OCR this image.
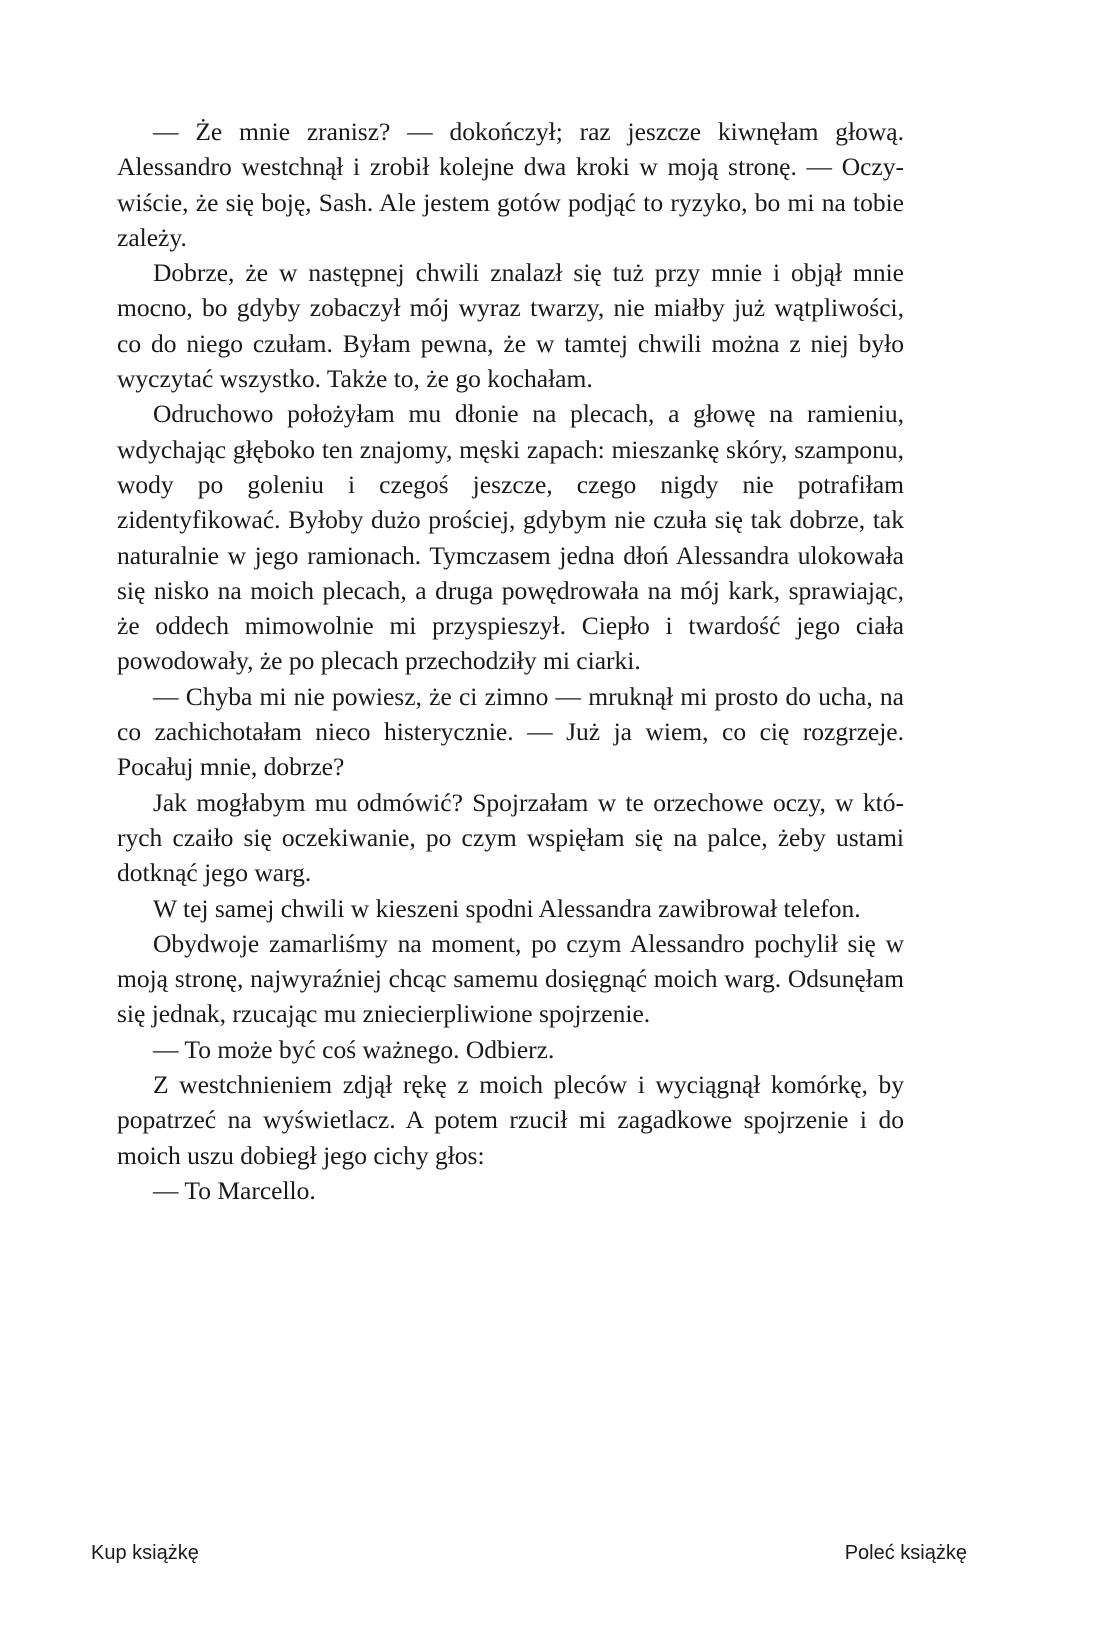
— Że mnie zranisz? — dokończył; raz jeszcze kiwnęłam głową. Alessandro westchnął i zrobił kolejne dwa kroki w moją stronę. — Oczywiście, że się boję, Sash. Ale jestem gotów podjąć to ryzyko, bo mi na tobie zależy.

Dobrze, że w następnej chwili znalazł się tuż przy mnie i objął mnie mocno, bo gdyby zobaczył mój wyraz twarzy, nie miałby już wątpliwości, co do niego czułam. Byłam pewna, że w tamtej chwili można z niej było wyczytać wszystko. Także to, że go kochałam.

Odruchowo położyłam mu dłonie na plecach, a głowę na ramieniu, wdychając głęboko ten znajomy, męski zapach: mieszankę skóry, szamponu, wody po goleniu i czegoś jeszcze, czego nigdy nie potrafiłam zidentyfikować. Byłoby dużo prościej, gdybym nie czuła się tak dobrze, tak naturalnie w jego ramionach. Tymczasem jedna dłoń Alessandra ulokowała się nisko na moich plecach, a druga powędrowała na mój kark, sprawiając, że oddech mimowolnie mi przyspieszył. Ciepło i twardość jego ciała powodowały, że po plecach przechodziły mi ciarki.

— Chyba mi nie powiesz, że ci zimno — mruknął mi prosto do ucha, na co zachichotałam nieco histerycznie. — Już ja wiem, co cię rozgrzeje. Pocałuj mnie, dobrze?

Jak mogłabym mu odmówić? Spojrzałam w te orzechowe oczy, w których czaiło się oczekiwanie, po czym wspięłam się na palce, żeby ustami dotknąć jego warg.

W tej samej chwili w kieszeni spodni Alessandra zawibrował telefon.

Obydwoje zamarliśmy na moment, po czym Alessandro pochylił się w moją stronę, najwyraźniej chcąc samemu dosięgnąć moich warg. Odsunęłam się jednak, rzucając mu zniecierpliwione spojrzenie.

— To może być coś ważnego. Odbierz.

Z westchnieniem zdjął rękę z moich pleców i wyciągnął komórkę, by popatrzeć na wyświetlacz. A potem rzucił mi zagadkowe spojrzenie i do moich uszu dobiegł jego cichy głos:

— To Marcello.

Kup książkę	Poleć książkę
